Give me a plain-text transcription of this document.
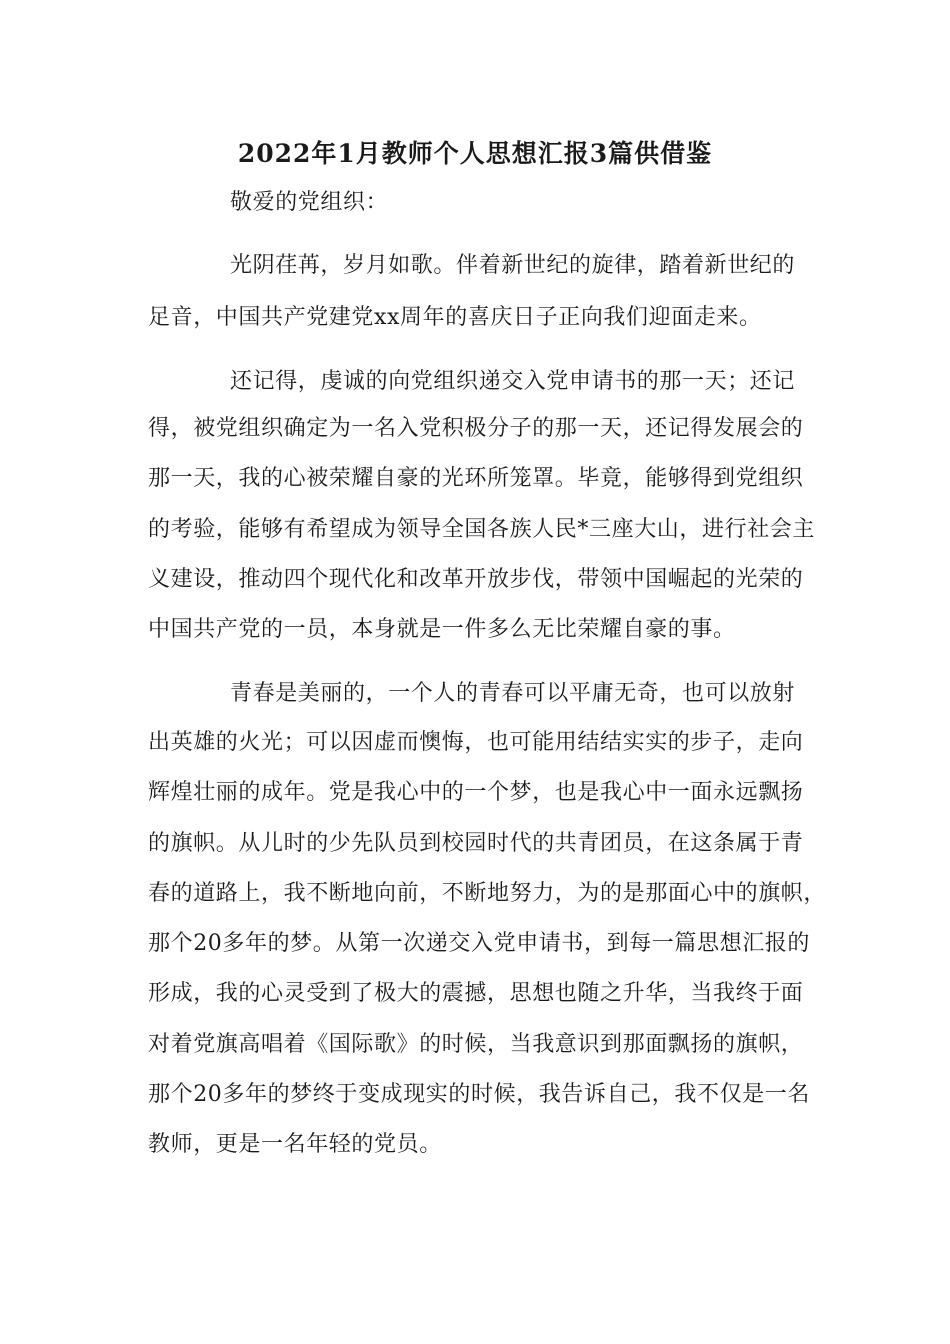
2022年1月教师个人思想汇报3篇供借鉴
敬爱的党组织：
光阴荏苒，岁月如歌。伴着新世纪的旋律，踏着新世纪的
足音，中国共产党建党xx周年的喜庆日子正向我们迎面走来。
还记得，虔诚的向党组织递交入党申请书的那一天；还记
得，被党组织确定为一名入党积极分子的那一天，还记得发展会的
那一天，我的心被荣耀自豪的光环所笼罩。毕竟，能够得到党组织
的考验，能够有希望成为领导全国各族人民*三座大山，进行社会主
义建设，推动四个现代化和改革开放步伐，带领中国崛起的光荣的
中国共产党的一员，本身就是一件多么无比荣耀自豪的事。
青春是美丽的，一个人的青春可以平庸无奇，也可以放射
出英雄的火光；可以因虚而懊悔，也可能用结结实实的步子，走向
辉煌壮丽的成年。党是我心中的一个梦，也是我心中一面永远飘扬
的旗帜。从儿时的少先队员到校园时代的共青团员，在这条属于青
春的道路上，我不断地向前，不断地努力，为的是那面心中的旗帜，
那个20多年的梦。从第一次递交入党申请书，到每一篇思想汇报的
形成，我的心灵受到了极大的震撼，思想也随之升华，当我终于面
对着党旗高唱着《国际歌》的时候，当我意识到那面飘扬的旗帜，
那个20多年的梦终于变成现实的时候，我告诉自己，我不仅是一名
教师，更是一名年轻的党员。
